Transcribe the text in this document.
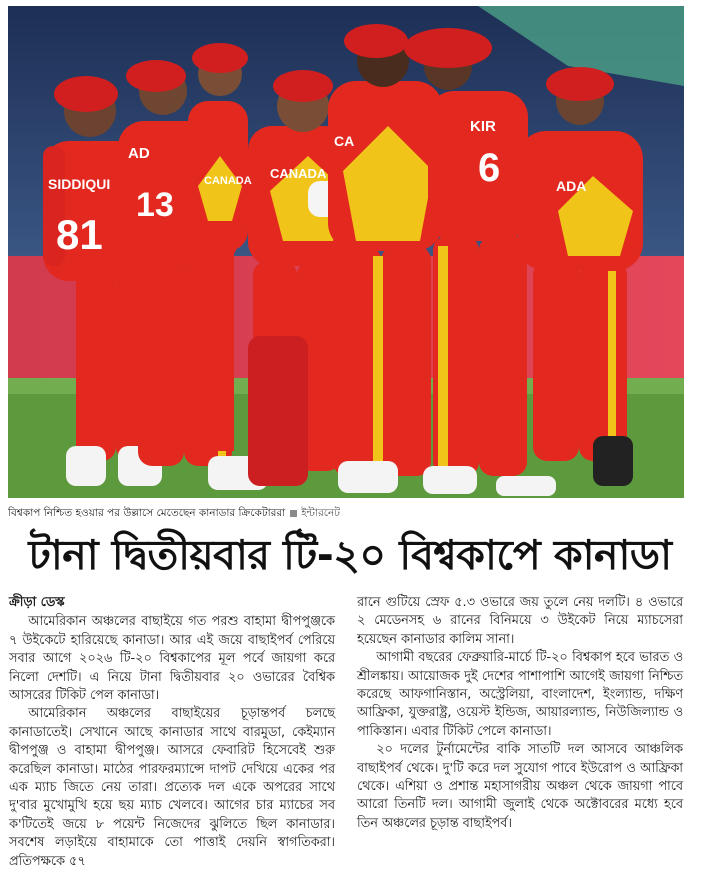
SIDDIQUI
81
AD
13
CANADA
CA
KIR
6	ADA
CANADA
বিশ্বকাপ নিশ্চিত হওয়ার পর উল্লাসে মেতেছেন কানাডার ক্রিকেটাররা ইন্টারনেট
টানা দ্বিতীয়বার টি-২০ বিশ্বকাপে কানাডা
ক্রীড়া ডেস্ক

আমেরিকান অঞ্চলের বাছাইয়ে গত পরশু বাহামা দ্বীপপুঞ্জকে ৭ উইকেটে হারিয়েছে কানাডা। আর এই জয়ে বাছাইপর্ব পেরিয়ে সবার আগে ২০২৬ টি-২০ বিশ্বকাপের মূল পর্বে জায়গা করে নিলো দেশটি। এ নিয়ে টানা দ্বিতীয়বার ২০ ওভারের বৈশ্বিক আসরের টিকিট পেল কানাডা।

আমেরিকান অঞ্চলের বাছাইয়ের চূড়ান্তপর্ব চলছে কানাডাতেই। সেখানে আছে কানাডার সাথে বারমুডা, কেইম্যান দ্বীপপুঞ্জ ও বাহামা দ্বীপপুঞ্জ। আসরে ফেবারিট হিসেবেই শুরু করেছিল কানাডা। মাঠের পারফরম্যান্সে দাপট দেখিয়ে একের পর এক ম্যাচ জিতে নেয় তারা। প্রত্যেক দল একে অপরের সাথে দু'বার মুখোমুখি হয়ে ছয় ম্যাচ খেলবে। আগের চার ম্যাচের সব ক'টিতেই জয়ে ৮ পয়েন্ট নিজেদের ঝুলিতে ছিল কানাডার। সবশেষ লড়াইয়ে বাহামাকে তো পাত্তাই দেয়নি স্বাগতিকরা। প্রতিপক্ষকে ৫৭

রানে গুটিয়ে স্রেফ ৫.৩ ওভারে জয় তুলে নেয় দলটি। ৪ ওভারে ২ মেডেনসহ ৬ রানের বিনিময়ে ৩ উইকেট নিয়ে ম্যাচসেরা হয়েছেন কানাডার কালিম সানা।

আগামী বছরের ফেব্রুয়ারি-মার্চে টি-২০ বিশ্বকাপ হবে ভারত ও শ্রীলঙ্কায়। আয়োজক দুই দেশের পাশাপাশি আগেই জায়গা নিশ্চিত করেছে আফগানিস্তান, অস্ট্রেলিয়া, বাংলাদেশ, ইংল্যান্ড, দক্ষিণ আফ্রিকা, যুক্তরাষ্ট্র, ওয়েস্ট ইন্ডিজ, আয়ারল্যান্ড, নিউজিল্যান্ড ও পাকিস্তান। এবার টিকিট পেলে কানাডা।

২০ দলের টুর্নামেন্টের বাকি সাতটি দল আসবে আঞ্চলিক বাছাইপর্ব থেকে। দু'টি করে দল সুযোগ পাবে ইউরোপ ও আফ্রিকা থেকে। এশিয়া ও প্রশান্ত মহাসাগরীয় অঞ্চল থেকে জায়গা পাবে আরো তিনটি দল। আগামী জুলাই থেকে অক্টোবরের মধ্যে হবে তিন অঞ্চলের চূড়ান্ত বাছাইপর্ব।
